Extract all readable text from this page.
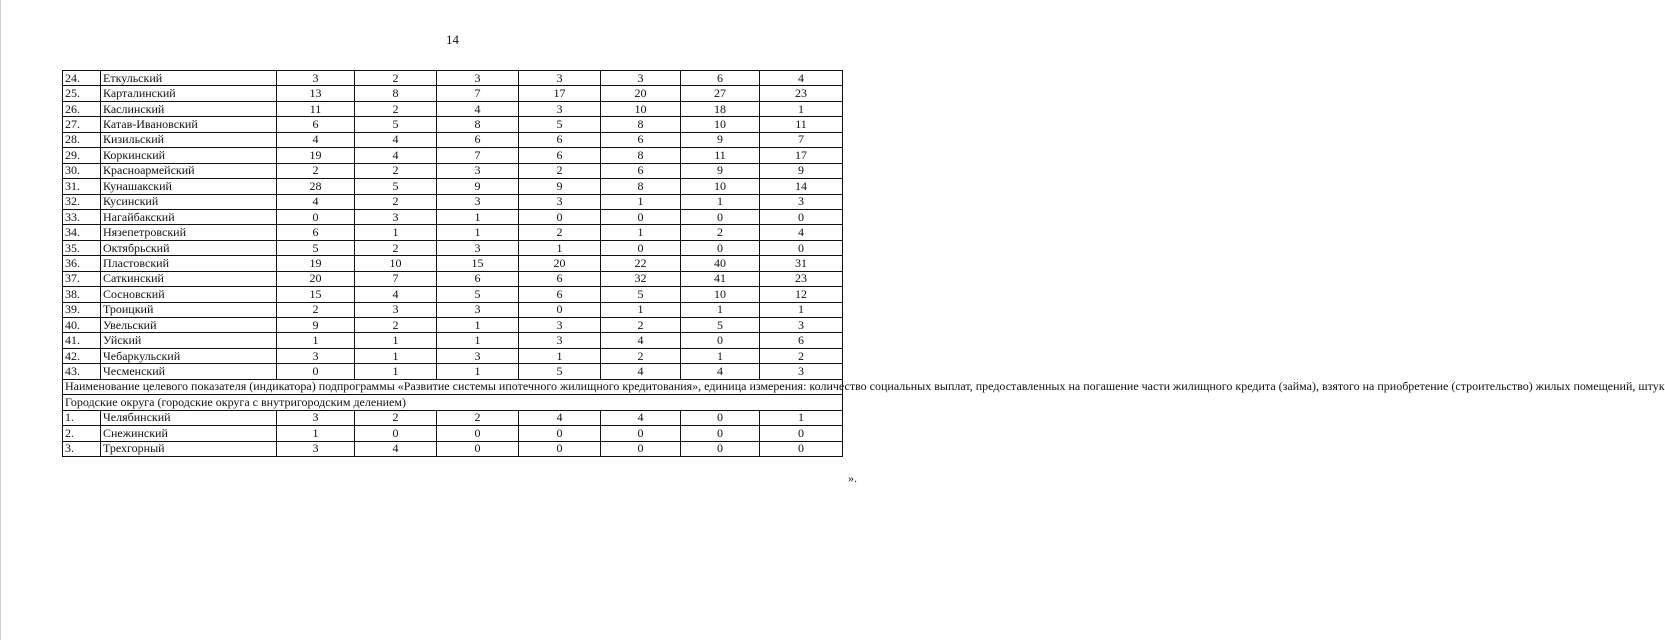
14
24.	Еткульский	3	2	3	3	3	6	4
25.	Карталинский	13	8	7	17	20	27	23
26.	Каслинский	11	2	4	3	10	18	1
27.	Катав-Ивановский	6	5	8	5	8	10	11
28.	Кизильский	4	4	6	6	6	9	7
29.	Коркинский	19	4	7	6	8	11	17
30.	Красноармейский	2	2	3	2	6	9	9
31.	Кунашакский	28	5	9	9	8	10	14
32.	Кусинский	4	2	3	3	1	1	3
33.	Нагайбакский	0	3	1	0	0	0	0
34.	Нязепетровский	6	1	1	2	1	2	4
35.	Октябрьский	5	2	3	1	0	0	0
36.	Пластовский	19	10	15	20	22	40	31
37.	Саткинский	20	7	6	6	32	41	23
38.	Сосновский	15	4	5	6	5	10	12
39.	Троицкий	2	3	3	0	1	1	1
40.	Увельский	9	2	1	3	2	5	3
41.	Уйский	1	1	1	3	4	0	6
42.	Чебаркульский	3	1	3	1	2	1	2
43.	Чесменский	0	1	1	5	4	4	3
Наименование целевого показателя (индикатора) подпрограммы «Развитие системы ипотечного жилищного кредитования», единица измерения: количество социальных выплат, предоставленных на погашение части жилищного кредита (займа), взятого на приобретение (строительство) жилых помещений, штук								
Городские округа (городские округа с внутригородским делением)								
1.	Челябинский	3	2	2	4	4	0	1
2.	Снежинский	1	0	0	0	0	0	0
3.	Трехгорный	3	4	0	0	0	0	0
».
